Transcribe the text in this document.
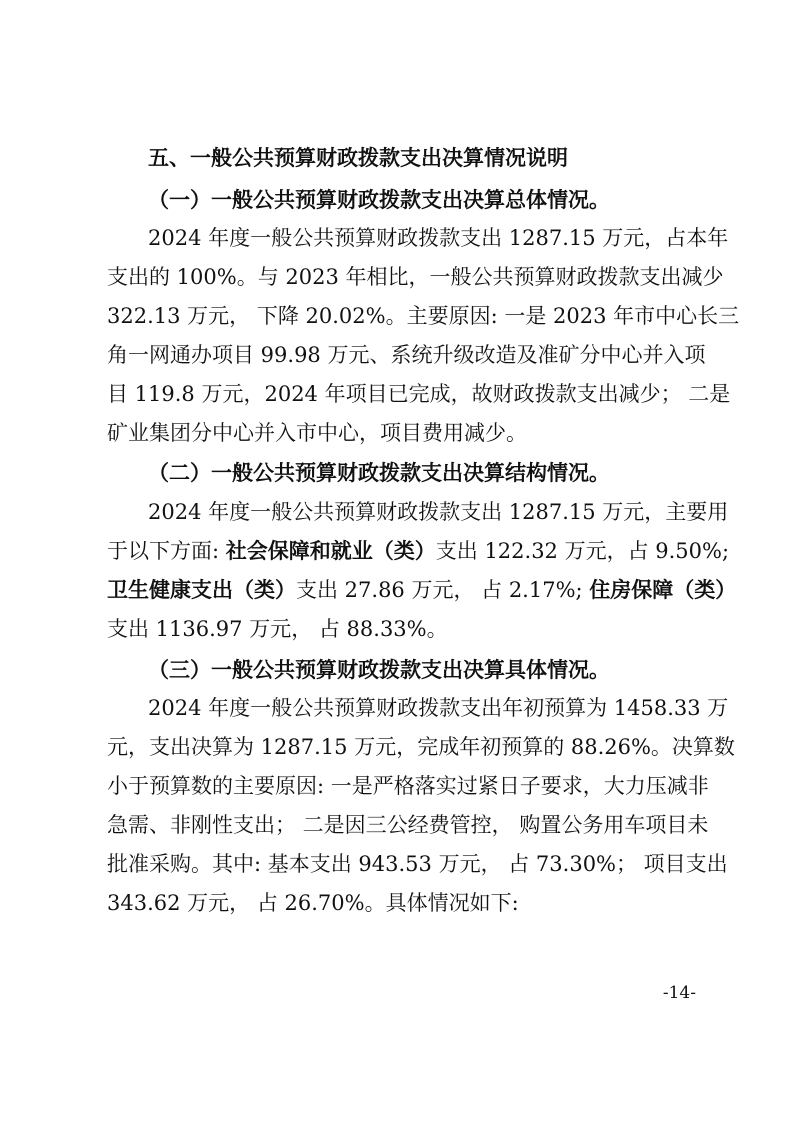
五、一般公共预算财政拨款支出决算情况说明
（一）一般公共预算财政拨款支出决算总体情况。
2024 年度一般公共预算财政拨款支出 1287.15 万元，占本年
支出的 100%。与 2023 年相比，一般公共预算财政拨款支出减少
322.13 万元， 下降 20.02%。主要原因: 一是 2023 年市中心长三
角一网通办项目 99.98 万元、系统升级改造及准矿分中心并入项
目 119.8 万元，2024 年项目已完成，故财政拨款支出减少； 二是
矿业集团分中心并入市中心，项目费用减少。
（二）一般公共预算财政拨款支出决算结构情况。
2024 年度一般公共预算财政拨款支出 1287.15 万元，主要用
于以下方面: 社会保障和就业（类）支出 122.32 万元，占 9.50%;
卫生健康支出（类）支出 27.86 万元， 占 2.17%; 住房保障（类）
支出 1136.97 万元， 占 88.33%。
（三）一般公共预算财政拨款支出决算具体情况。
2024 年度一般公共预算财政拨款支出年初预算为 1458.33 万
元，支出决算为 1287.15 万元，完成年初预算的 88.26%。决算数
小于预算数的主要原因: 一是严格落实过紧日子要求，大力压减非
急需、非刚性支出； 二是因三公经费管控， 购置公务用车项目未
批准采购。其中: 基本支出 943.53 万元， 占 73.30%； 项目支出
343.62 万元， 占 26.70%。具体情况如下:
-14-
